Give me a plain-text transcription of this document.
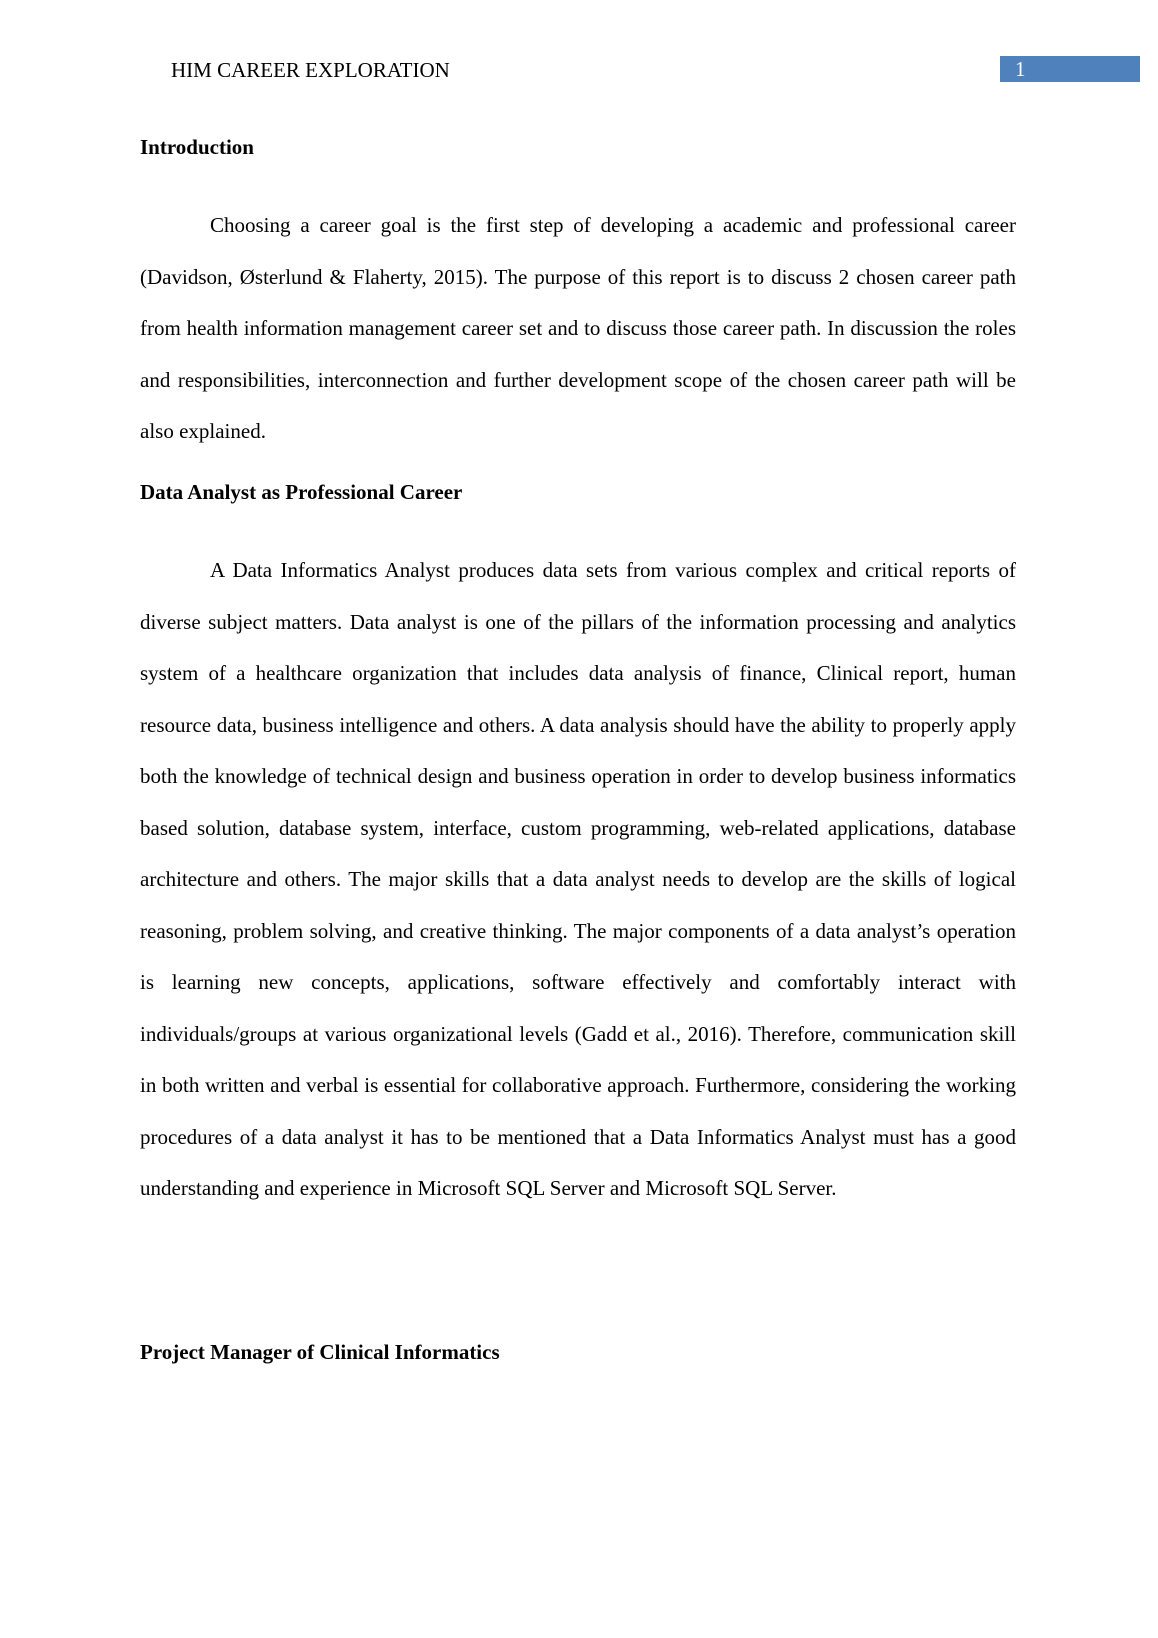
HIM CAREER EXPLORATION	1
Introduction

Choosing a career goal is the first step of developing a academic and professional career (Davidson, Østerlund & Flaherty, 2015). The purpose of this report is to discuss 2 chosen career path from health information management career set and to discuss those career path. In discussion the roles and responsibilities, interconnection and further development scope of the chosen career path will be also explained.

Data Analyst as Professional Career

A Data Informatics Analyst produces data sets from various complex and critical reports of diverse subject matters. Data analyst is one of the pillars of the information processing and analytics system of a healthcare organization that includes data analysis of finance, Clinical report, human resource data, business intelligence and others. A data analysis should have the ability to properly apply both the knowledge of technical design and business operation in order to develop business informatics based solution, database system, interface, custom programming, web-related applications, database architecture and others. The major skills that a data analyst needs to develop are the skills of logical reasoning, problem solving, and creative thinking. The major components of a data analyst’s operation is learning new concepts, applications, software effectively and comfortably interact with individuals/groups at various organizational levels (Gadd et al., 2016). Therefore, communication skill in both written and verbal is essential for collaborative approach. Furthermore, considering the working procedures of a data analyst it has to be mentioned that a Data Informatics Analyst must has a good understanding and experience in Microsoft SQL Server and Microsoft SQL Server.

Project Manager of Clinical Informatics
